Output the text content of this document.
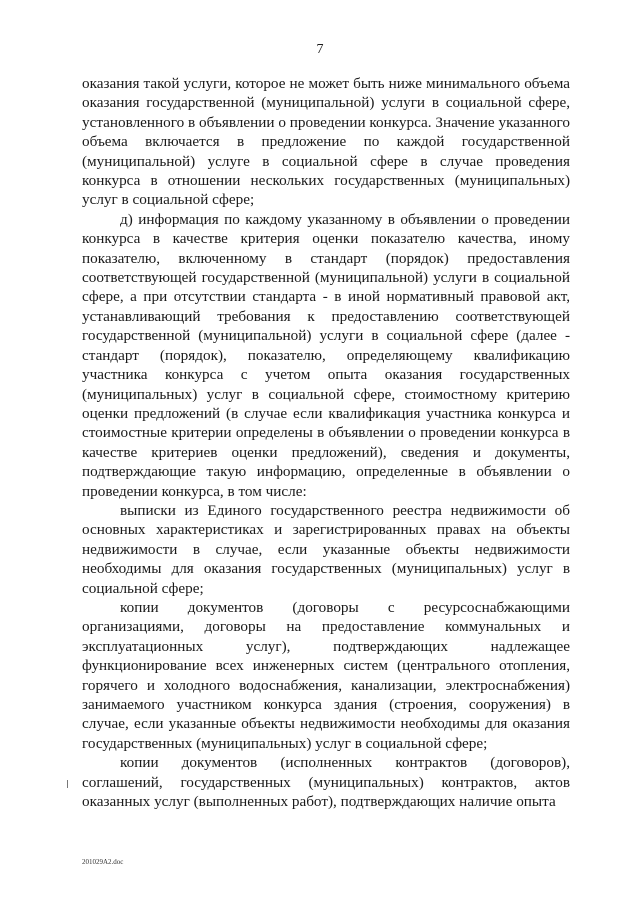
7

оказания такой услуги, которое не может быть ниже минимального объема оказания государственной (муниципальной) услуги в социальной сфере, установленного в объявлении о проведении конкурса. Значение указанного объема включается в предложение по каждой государственной (муниципальной) услуге в социальной сфере в случае проведения конкурса в отношении нескольких государственных (муниципальных) услуг в социальной сфере;

д) информация по каждому указанному в объявлении о проведении конкурса в качестве критерия оценки показателю качества, иному показателю, включенному в стандарт (порядок) предоставления соответствующей государственной (муниципальной) услуги в социальной сфере, а при отсутствии стандарта - в иной нормативный правовой акт, устанавливающий требования к предоставлению соответствующей государственной (муниципальной) услуги в социальной сфере (далее - стандарт (порядок), показателю, определяющему квалификацию участника конкурса с учетом опыта оказания государственных (муниципальных) услуг в социальной сфере, стоимостному критерию оценки предложений (в случае если квалификация участника конкурса и стоимостные критерии определены в объявлении о проведении конкурса в качестве критериев оценки предложений), сведения и документы, подтверждающие такую информацию, определенные в объявлении о проведении конкурса, в том числе:

выписки из Единого государственного реестра недвижимости об основных характеристиках и зарегистрированных правах на объекты недвижимости в случае, если указанные объекты недвижимости необходимы для оказания государственных (муниципальных) услуг в социальной сфере;

копии документов (договоры с ресурсоснабжающими организациями, договоры на предоставление коммунальных и эксплуатационных услуг), подтверждающих надлежащее функционирование всех инженерных систем (центрального отопления, горячего и холодного водоснабжения, канализации, электроснабжения) занимаемого участником конкурса здания (строения, сооружения) в случае, если указанные объекты недвижимости необходимы для оказания государственных (муниципальных) услуг в социальной сфере;

копии документов (исполненных контрактов (договоров), соглашений, государственных (муниципальных) контрактов, актов оказанных услуг (выполненных работ), подтверждающих наличие опыта

201029A2.doc
